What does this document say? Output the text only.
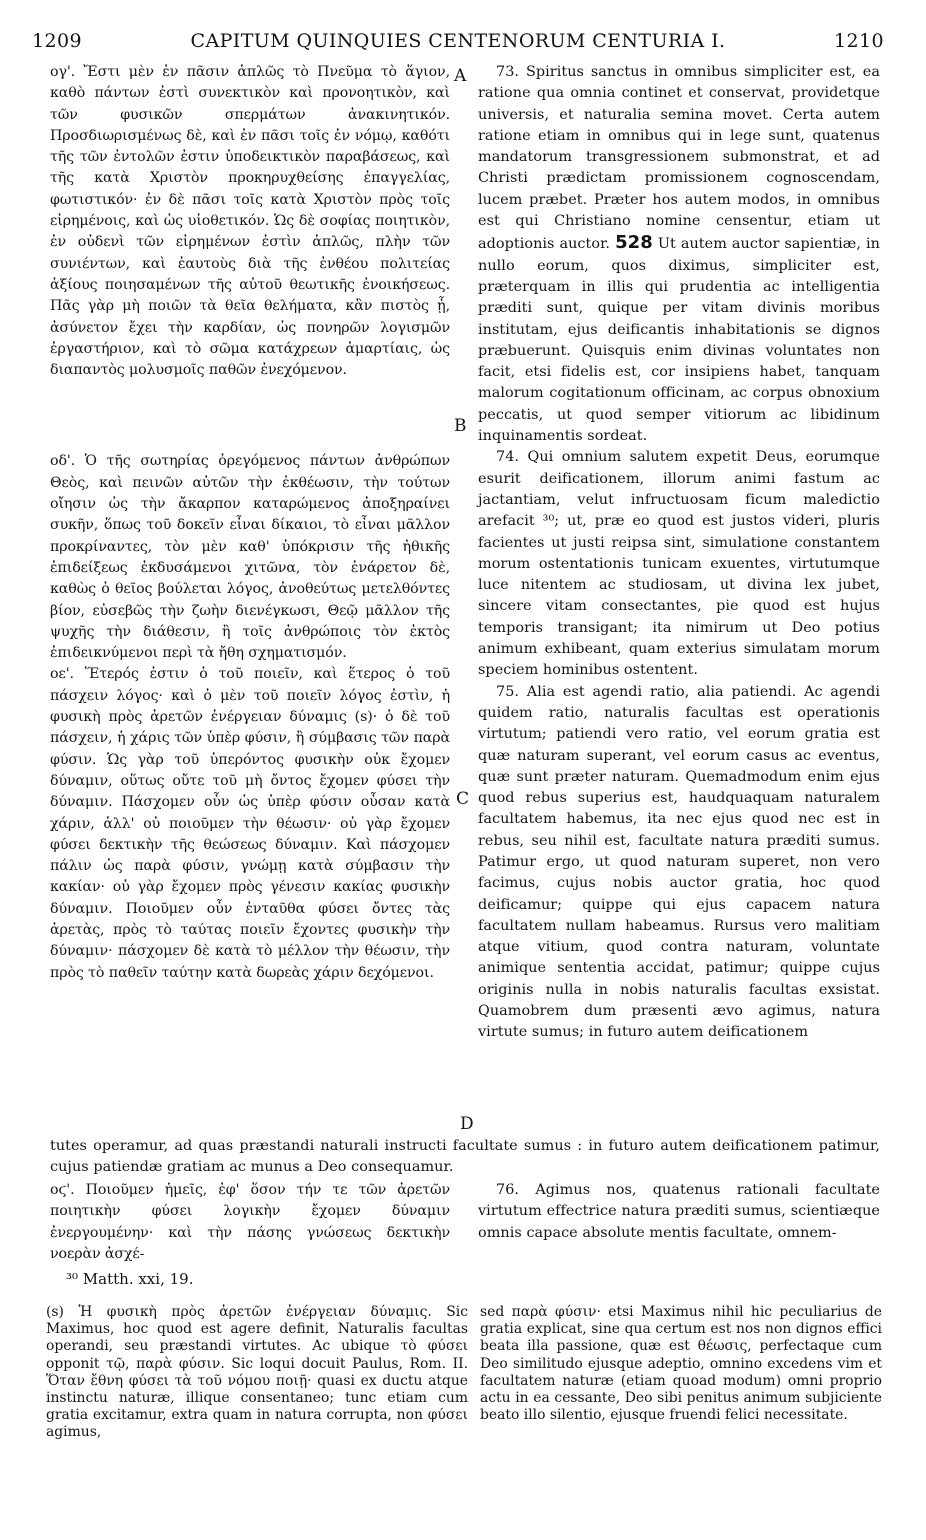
1209	CAPITUM QUINQUIES CENTENORUM CENTURIA I.	1210

ογ'. Ἔστι μὲν ἐν πᾶσιν ἁπλῶς τὸ Πνεῦμα τὸ ἅγιον, καθὸ πάντων ἐστὶ συνεκτικὸν καὶ προνοητικὸν, καὶ τῶν φυσικῶν σπερμάτων ἀνακινητικόν. Προσδιωρισμένως δὲ, καὶ ἐν πᾶσι τοῖς ἐν νόμῳ, καθότι τῆς τῶν ἐντολῶν ἐστιν ὑποδεικτικὸν παραβάσεως, καὶ τῆς κατὰ Χριστὸν προκηρυχθείσης ἐπαγγελίας, φωτιστικόν· ἐν δὲ πᾶσι τοῖς κατὰ Χριστὸν πρὸς τοῖς εἰρημένοις, καὶ ὡς υἱοθετικόν. Ὡς δὲ σοφίας ποιητικὸν, ἐν οὐδενὶ τῶν εἰρημένων ἐστὶν ἁπλῶς, πλὴν τῶν συνιέντων, καὶ ἑαυτοὺς διὰ τῆς ἐνθέου πολιτείας ἀξίους ποιησαμένων τῆς αὐτοῦ θεωτικῆς ἐνοικήσεως. Πᾶς γὰρ μὴ ποιῶν τὰ θεῖα θελήματα, κἂν πιστὸς ᾖ, ἀσύνετον ἔχει τὴν καρδίαν, ὡς πονηρῶν λογισμῶν ἐργαστήριον, καὶ τὸ σῶμα κατάχρεων ἁμαρτίαις, ὡς διαπαντὸς μολυσμοῖς παθῶν ἐνεχόμενον.

οδ'. Ὁ τῆς σωτηρίας ὀρεγόμενος πάντων ἀνθρώπων Θεὸς, καὶ πεινῶν αὐτῶν τὴν ἐκθέωσιν, τὴν τούτων οἴησιν ὡς τὴν ἄκαρπον καταρώμενος ἀποξηραίνει συκῆν, ὅπως τοῦ δοκεῖν εἶναι δίκαιοι, τὸ εἶναι μᾶλλον προκρίναντες, τὸν μὲν καθ' ὑπόκρισιν τῆς ἠθικῆς ἐπιδείξεως ἐκδυσάμενοι χιτῶνα, τὸν ἐνάρετον δὲ, καθὼς ὁ θεῖος βούλεται λόγος, ἀνοθεύτως μετελθόντες βίον, εὐσεβῶς τὴν ζωὴν διενέγκωσι, Θεῷ μᾶλλον τῆς ψυχῆς τὴν διάθεσιν, ἢ τοῖς ἀνθρώποις τὸν ἐκτὸς ἐπιδεικνύμενοι περὶ τὰ ἤθη σχηματισμόν.

οε'. Ἕτερός ἐστιν ὁ τοῦ ποιεῖν, καὶ ἕτερος ὁ τοῦ πάσχειν λόγος· καὶ ὁ μὲν τοῦ ποιεῖν λόγος ἐστὶν, ἡ φυσικὴ πρὸς ἀρετῶν ἐνέργειαν δύναμις (s)· ὁ δὲ τοῦ πάσχειν, ἡ χάρις τῶν ὑπὲρ φύσιν, ἢ σύμβασις τῶν παρὰ φύσιν. Ὡς γὰρ τοῦ ὑπερόντος φυσικὴν οὐκ ἔχομεν δύναμιν, οὕτως οὔτε τοῦ μὴ ὄντος ἔχομεν φύσει τὴν δύναμιν. Πάσχομεν οὖν ὡς ὑπὲρ φύσιν οὖσαν κατὰ χάριν, ἀλλ' οὐ ποιοῦμεν τὴν θέωσιν· οὐ γὰρ ἔχομεν φύσει δεκτικὴν τῆς θεώσεως δύναμιν. Καὶ πάσχομεν πάλιν ὡς παρὰ φύσιν, γνώμῃ κατὰ σύμβασιν τὴν κακίαν· οὐ γὰρ ἔχομεν πρὸς γένεσιν κακίας φυσικὴν δύναμιν. Ποιοῦμεν οὖν ἐνταῦθα φύσει ὄντες τὰς ἀρετὰς, πρὸς τὸ ταύτας ποιεῖν ἔχοντες φυσικὴν τὴν δύναμιν· πάσχομεν δὲ κατὰ τὸ μέλλον τὴν θέωσιν, τὴν πρὸς τὸ παθεῖν ταύτην κατὰ δωρεὰς χάριν δεχόμενοι.

73. Spiritus sanctus in omnibus simpliciter est, ea ratione qua omnia continet et conservat, providetque universis, et naturalia semina movet. Certa autem ratione etiam in omnibus qui in lege sunt, quatenus mandatorum transgressionem submonstrat, et ad Christi prædictam promissionem cognoscendam, lucem præbet. Præter hos autem modos, in omnibus est qui Christiano nomine censentur, etiam ut adoptionis auctor. 528 Ut autem auctor sapientiæ, in nullo eorum, quos diximus, simpliciter est, præterquam in illis qui prudentia ac intelligentia præditi sunt, quique per vitam divinis moribus institutam, ejus deificantis inhabitationis se dignos præbuerunt. Quisquis enim divinas voluntates non facit, etsi fidelis est, cor insipiens habet, tanquam malorum cogitationum officinam, ac corpus obnoxium peccatis, ut quod semper vitiorum ac libidinum inquinamentis sordeat.

74. Qui omnium salutem expetit Deus, eorumque esurit deificationem, illorum animi fastum ac jactantiam, velut infructuosam ficum maledictio arefacit ³⁰; ut, præ eo quod est justos videri, pluris facientes ut justi reipsa sint, simulatione constantem morum ostentationis tunicam exuentes, virtutumque luce nitentem ac studiosam, ut divina lex jubet, sincere vitam consectantes, pie quod est hujus temporis transigant; ita nimirum ut Deo potius animum exhibeant, quam exterius simulatam morum speciem hominibus ostentent.

75. Alia est agendi ratio, alia patiendi. Ac agendi quidem ratio, naturalis facultas est operationis virtutum; patiendi vero ratio, vel eorum gratia est quæ naturam superant, vel eorum casus ac eventus, quæ sunt præter naturam. Quemadmodum enim ejus quod rebus superius est, haudquaquam naturalem facultatem habemus, ita nec ejus quod nec est in rebus, seu nihil est, facultate natura præditi sumus. Patimur ergo, ut quod naturam superet, non vero facimus, cujus nobis auctor gratia, hoc quod deificamur; quippe qui ejus capacem natura facultatem nullam habeamus. Rursus vero malitiam atque vitium, quod contra naturam, voluntate animique sententia accidat, patimur; quippe cujus originis nulla in nobis naturalis facultas exsistat. Quamobrem dum præsenti ævo agimus, natura virtute sumus; in futuro autem deificationem

A
B
C
D

tutes operamur, ad quas præstandi naturali instructi facultate sumus : in futuro autem deificationem patimur, cujus patiendæ gratiam ac munus a Deo consequamur.

οϛ'. Ποιοῦμεν ἡμεῖς, ἐφ' ὅσον τήν τε τῶν ἀρετῶν ποιητικὴν φύσει λογικὴν ἔχομεν δύναμιν ἐνεργουμένην· καὶ τὴν πάσης γνώσεως δεκτικὴν νοερὰν ἀσχέ-

76. Agimus nos, quatenus rationali facultate virtutum effectrice natura præditi sumus, scientiæque omnis capace absolute mentis facultate, omnem-

³⁰ Matth. xxi, 19.

(s) Ἡ φυσικὴ πρὸς ἀρετῶν ἐνέργειαν δύναμις. Sic Maximus, hoc quod est agere definit, Naturalis facultas operandi, seu præstandi virtutes. Ac ubique τὸ φύσει opponit τῷ, παρὰ φύσιν. Sic loqui docuit Paulus, Rom. II. Ὅταν ἔθνη φύσει τὰ τοῦ νόμου ποιῇ· quasi ex ductu atque instinctu naturæ, illique consentaneo; tunc etiam cum gratia excitamur, extra quam in natura corrupta, non φύσει agimus,

sed παρὰ φύσιν· etsi Maximus nihil hic peculiarius de gratia explicat, sine qua certum est nos non dignos effici beata illa passione, quæ est θέωσις, perfectaque cum Deo similitudo ejusque adeptio, omnino excedens vim et facultatem naturæ (etiam quoad modum) omni proprio actu in ea cessante, Deo sibi penitus animum subjiciente beato illo silentio, ejusque fruendi felici necessitate.
